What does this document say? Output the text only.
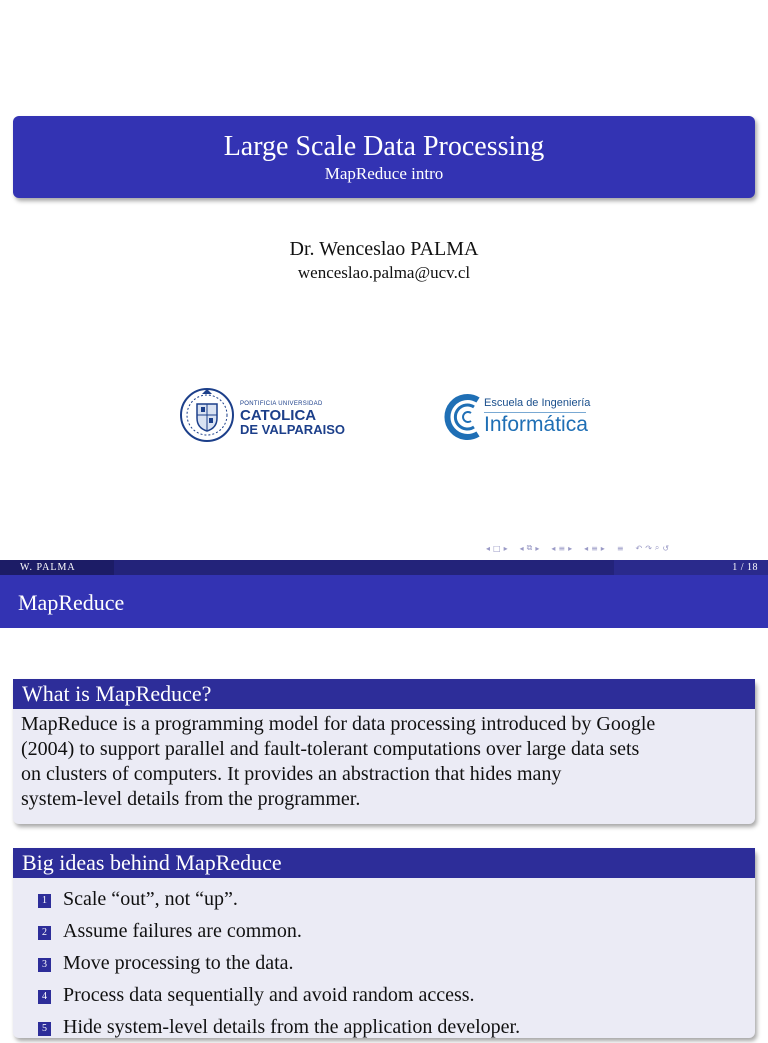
Large Scale Data Processing
MapReduce intro
Dr. Wenceslao PALMA
wenceslao.palma@ucv.cl
PONTIFICIA UNIVERSIDAD
CATOLICA
DE VALPARAISO
Escuela de Ingeniería
Informática
◂ □ ▸ ◂ ⧉ ▸ ◂ ≡ ▸ ◂ ≡ ▸ ≡ ↶ ↷ ⌕ ↺
W. PALMA	1 / 18
MapReduce
What is MapReduce?
MapReduce is a programming model for data processing introduced by Google
(2004) to support parallel and fault-tolerant computations over large data sets
on clusters of computers. It provides an abstraction that hides many
system-level details from the programmer.
Big ideas behind MapReduce
1 Scale “out”, not “up”.
2 Assume failures are common.
3 Move processing to the data.
4 Process data sequentially and avoid random access.
5 Hide system-level details from the application developer.
